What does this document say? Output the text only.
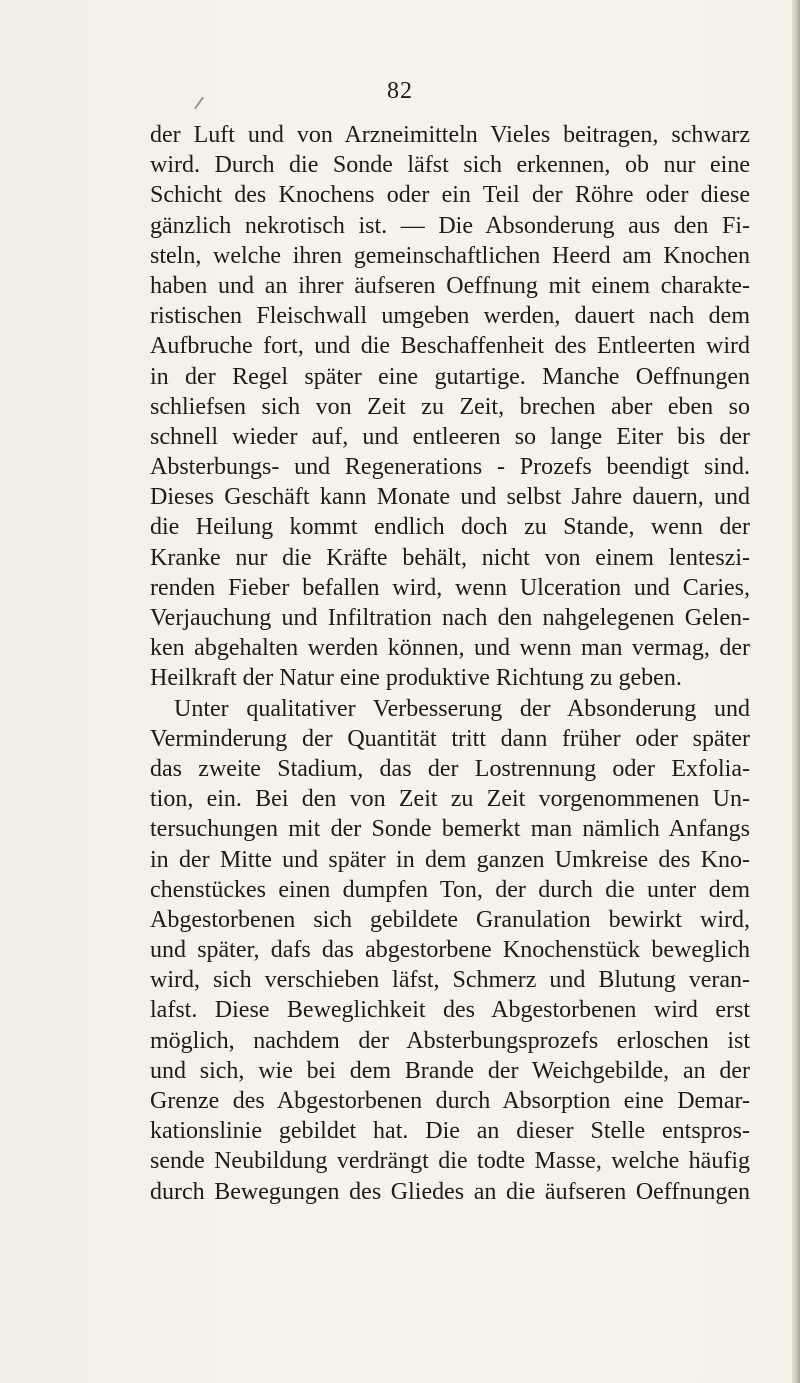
82
der Luft und von Arzneimitteln Vieles beitragen, schwarz
wird. Durch die Sonde läfst sich erkennen, ob nur eine
Schicht des Knochens oder ein Teil der Röhre oder diese
gänzlich nekrotisch ist. — Die Absonderung aus den Fi-
steln, welche ihren gemeinschaftlichen Heerd am Knochen
haben und an ihrer äufseren Oeffnung mit einem charakte-
ristischen Fleischwall umgeben werden, dauert nach dem
Aufbruche fort, und die Beschaffenheit des Entleerten wird
in der Regel später eine gutartige. Manche Oeffnungen
schliefsen sich von Zeit zu Zeit, brechen aber eben so
schnell wieder auf, und entleeren so lange Eiter bis der
Absterbungs- und Regenerations - Prozefs beendigt sind.
Dieses Geschäft kann Monate und selbst Jahre dauern, und
die Heilung kommt endlich doch zu Stande, wenn der
Kranke nur die Kräfte behält, nicht von einem lenteszi-
renden Fieber befallen wird, wenn Ulceration und Caries,
Verjauchung und Infiltration nach den nahgelegenen Gelen-
ken abgehalten werden können, und wenn man vermag, der
Heilkraft der Natur eine produktive Richtung zu geben.
Unter qualitativer Verbesserung der Absonderung und
Verminderung der Quantität tritt dann früher oder später
das zweite Stadium, das der Lostrennung oder Exfolia-
tion, ein. Bei den von Zeit zu Zeit vorgenommenen Un-
tersuchungen mit der Sonde bemerkt man nämlich Anfangs
in der Mitte und später in dem ganzen Umkreise des Kno-
chenstückes einen dumpfen Ton, der durch die unter dem
Abgestorbenen sich gebildete Granulation bewirkt wird,
und später, dafs das abgestorbene Knochenstück beweglich
wird, sich verschieben läfst, Schmerz und Blutung veran-
lafst. Diese Beweglichkeit des Abgestorbenen wird erst
möglich, nachdem der Absterbungsprozefs erloschen ist
und sich, wie bei dem Brande der Weichgebilde, an der
Grenze des Abgestorbenen durch Absorption eine Demar-
kationslinie gebildet hat. Die an dieser Stelle entspros-
sende Neubildung verdrängt die todte Masse, welche häufig
durch Bewegungen des Gliedes an die äufseren Oeffnungen
